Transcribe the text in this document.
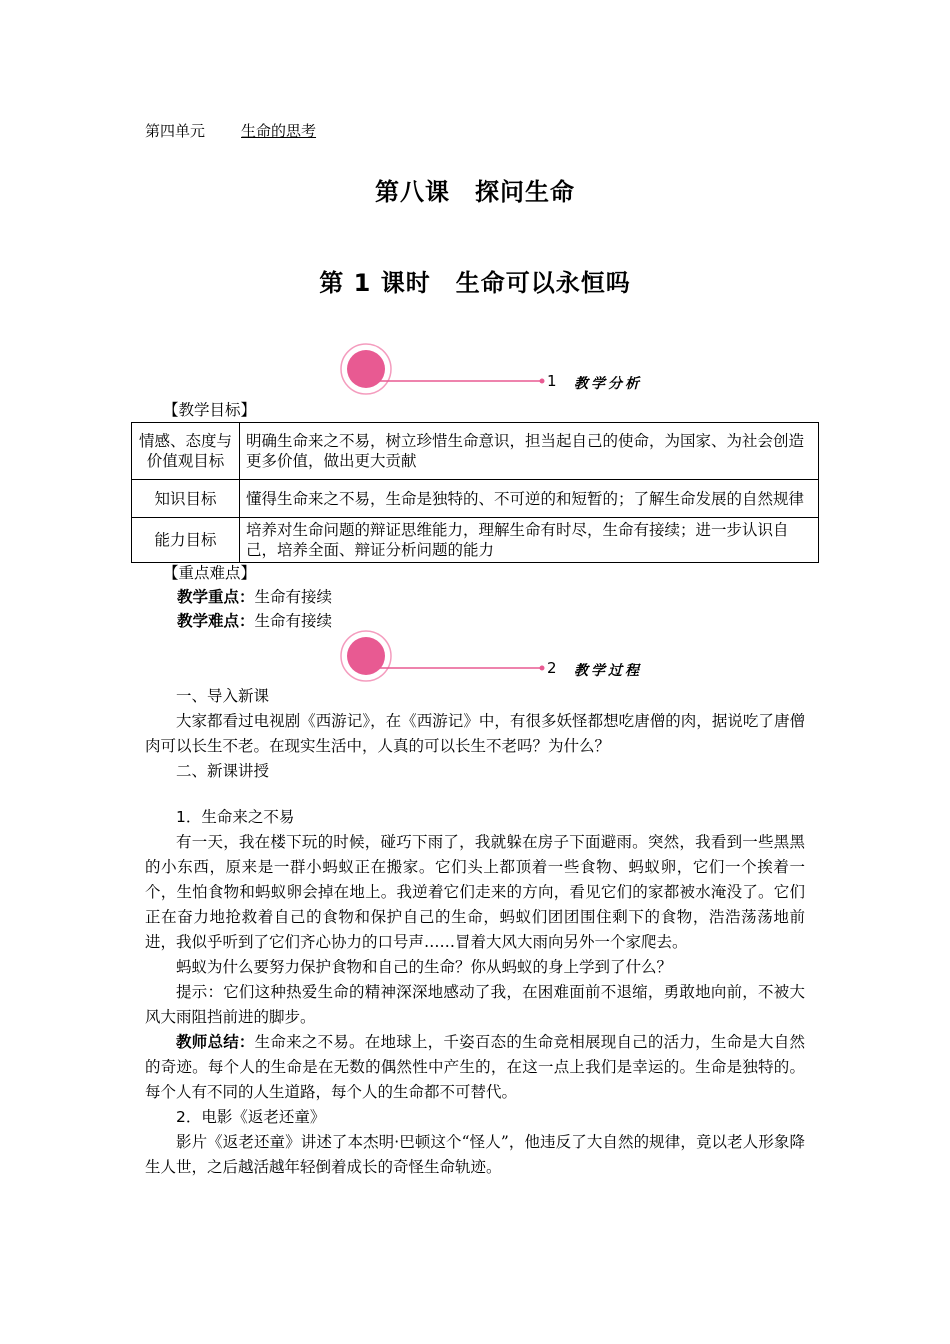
第四单元 生命的思考
第八课　探问生命
第 1 课时　生命可以永恒吗
1 教学分析
【教学目标】
情感、态度与价值观目标	明确生命来之不易，树立珍惜生命意识，担当起自己的使命，为国家、为社会创造更多价值，做出更大贡献
知识目标	懂得生命来之不易，生命是独特的、不可逆的和短暂的；了解生命发展的自然规律
能力目标	培养对生命问题的辩证思维能力，理解生命有时尽，生命有接续；进一步认识自己，培养全面、辩证分析问题的能力
【重点难点】
教学重点：生命有接续
教学难点：生命有接续
2 教学过程

一、导入新课

大家都看过电视剧《西游记》，在《西游记》中，有很多妖怪都想吃唐僧的肉，据说吃了唐僧肉可以长生不老。在现实生活中，人真的可以长生不老吗？为什么？

二、新课讲授

1．生命来之不易

有一天，我在楼下玩的时候，碰巧下雨了，我就躲在房子下面避雨。突然，我看到一些黑黑的小东西，原来是一群小蚂蚁正在搬家。它们头上都顶着一些食物、蚂蚁卵，它们一个挨着一个，生怕食物和蚂蚁卵会掉在地上。我逆着它们走来的方向，看见它们的家都被水淹没了。它们正在奋力地抢救着自己的食物和保护自己的生命，蚂蚁们团团围住剩下的食物，浩浩荡荡地前进，我似乎听到了它们齐心协力的口号声……冒着大风大雨向另外一个家爬去。

蚂蚁为什么要努力保护食物和自己的生命？你从蚂蚁的身上学到了什么？

提示：它们这种热爱生命的精神深深地感动了我，在困难面前不退缩，勇敢地向前，不被大风大雨阻挡前进的脚步。

教师总结：生命来之不易。在地球上，千姿百态的生命竞相展现自己的活力，生命是大自然的奇迹。每个人的生命是在无数的偶然性中产生的，在这一点上我们是幸运的。生命是独特的。每个人有不同的人生道路，每个人的生命都不可替代。

2．电影《返老还童》

影片《返老还童》讲述了本杰明·巴顿这个“怪人”，他违反了大自然的规律，竟以老人形象降生人世，之后越活越年轻倒着成长的奇怪生命轨迹。
